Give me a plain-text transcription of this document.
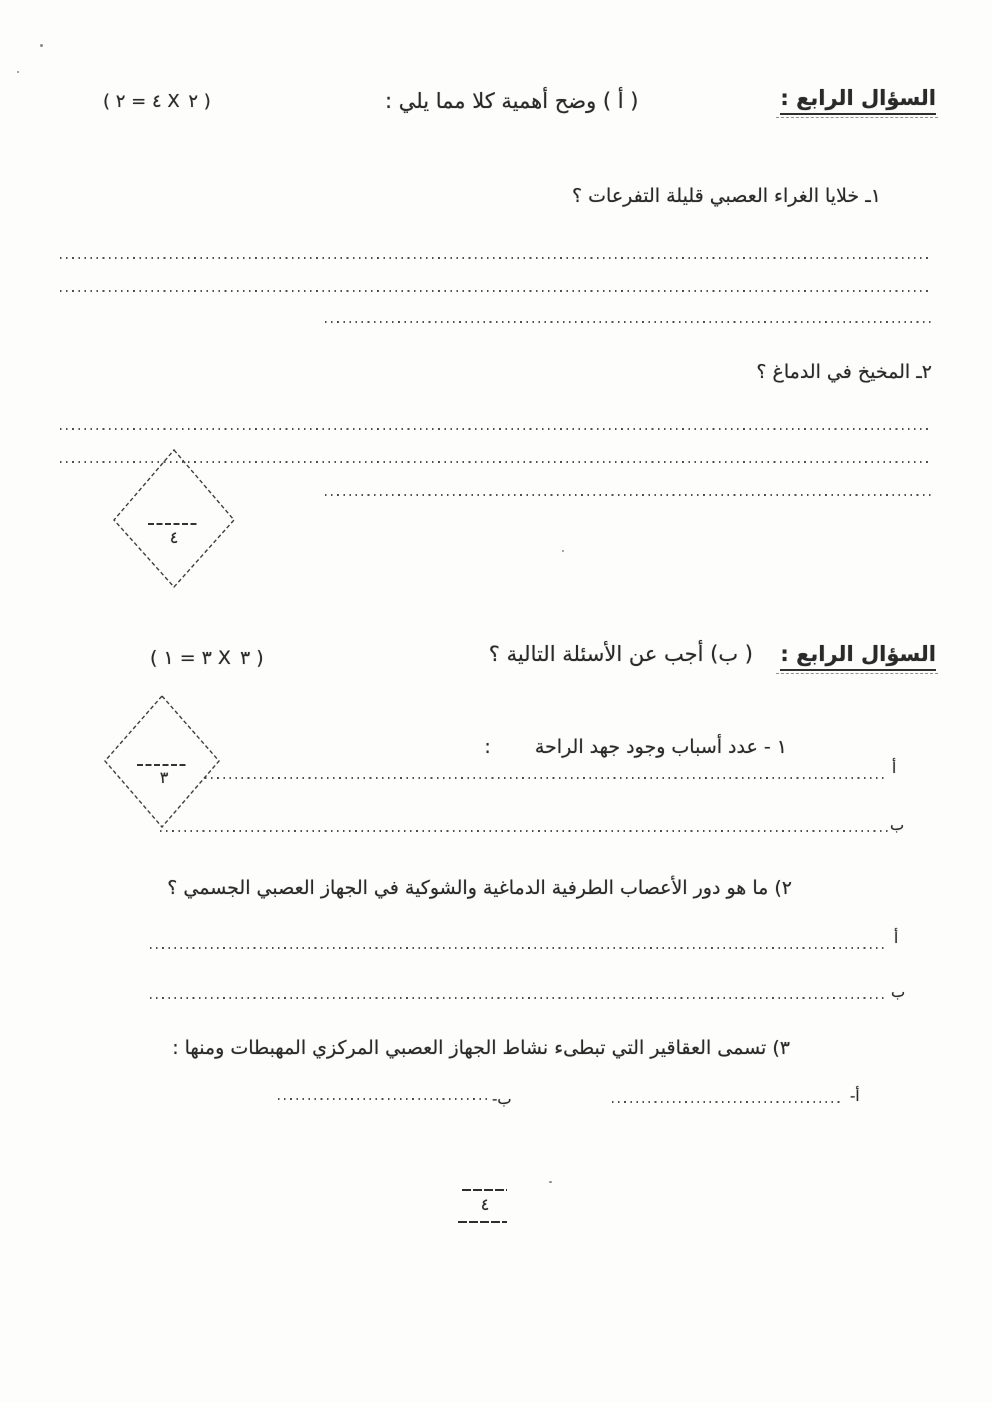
( ٤ = ٢ X ٢ )	( أ ) وضح أهمية كلا مما يلي :	السؤال الرابع :
١ـ خلايا الغراء العصبي قليلة التفرعات ؟
٢ـ المخيخ في الدماغ ؟
٤
( ٣ = ١ X ٣ )	السؤال الرابع :  ( ب) أجب عن الأسئلة التالية ؟
٣
١ - عدد أسباب وجود جهد الراحة  :
أ
ب
٢) ما هو دور الأعصاب الطرفية الدماغية والشوكية في الجهاز العصبي الجسمي ؟
أ
ب
٣) تسمى العقاقير التي تبطىء نشاط الجهاز العصبي المركزي المهبطات ومنها :
أ-
ب-
٤
